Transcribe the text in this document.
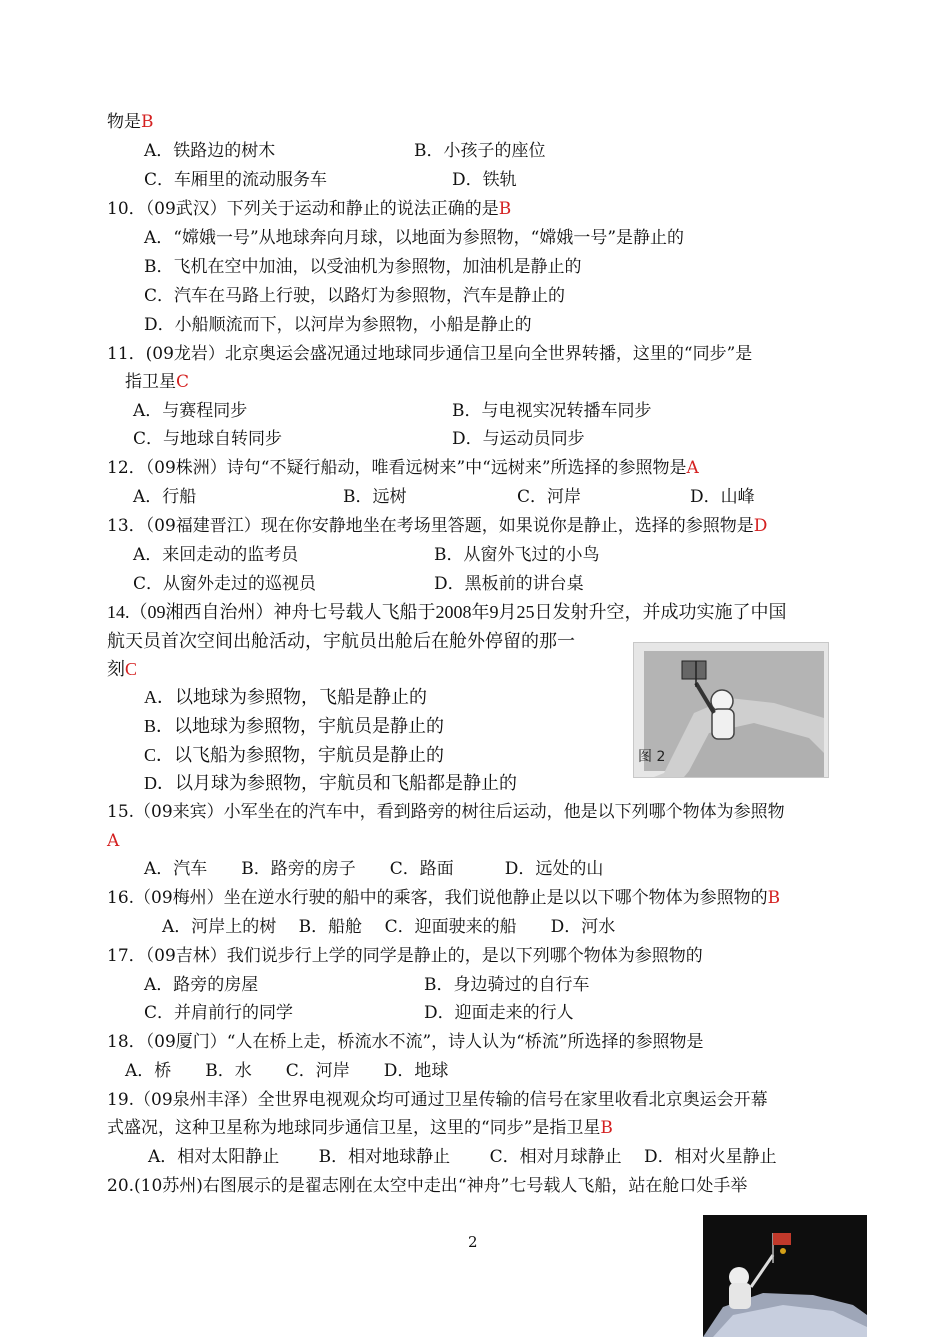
物是B
A．铁路边的树木	B．小孩子的座位
C．车厢里的流动服务车	D．铁轨
10．（09武汉）下列关于运动和静止的说法正确的是B
A．“嫦娥一号”从地球奔向月球，以地面为参照物，“嫦娥一号”是静止的
B．飞机在空中加油，以受油机为参照物，加油机是静止的
C．汽车在马路上行驶，以路灯为参照物，汽车是静止的
D．小船顺流而下，以河岸为参照物，小船是静止的
11．(09龙岩）北京奥运会盛况通过地球同步通信卫星向全世界转播，这里的“同步”是
指卫星C
A．与赛程同步	B．与电视实况转播车同步
C．与地球自转同步	D．与运动员同步
12．（09株洲）诗句“不疑行船动，唯看远树来”中“远树来”所选择的参照物是A
A．行船	B．远树	C．河岸	D．山峰
13．（09福建晋江）现在你安静地坐在考场里答题，如果说你是静止，选择的参照物是D
A．来回走动的监考员	B．从窗外飞过的小鸟
C．从窗外走过的巡视员	D．黑板前的讲台桌
14.（09湘西自治州）神舟七号载人飞船于2008年9月25日发射升空，并成功实施了中国
航天员首次空间出舱活动，宇航员出舱后在舱外停留的那一
刻C
A．以地球为参照物，飞船是静止的
B．以地球为参照物，宇航员是静止的
C．以飞船为参照物，宇航员是静止的
D．以月球为参照物，宇航员和飞船都是静止的
图 2
15.（09来宾）小军坐在的汽车中，看到路旁的树往后运动，他是以下列哪个物体为参照物
A
A．汽车　　B．路旁的房子　　C．路面　　　D．远处的山
16.（09梅州）坐在逆水行驶的船中的乘客，我们说他静止是以以下哪个物体为参照物的B
A．河岸上的树　 B．船舱　 C．迎面驶来的船　　D．河水
17．（09吉林）我们说步行上学的同学是静止的，是以下列哪个物体为参照物的
A．路旁的房屋	B．身边骑过的自行车
C．并肩前行的同学	D．迎面走来的行人
18．（09厦门）“人在桥上走，桥流水不流”，诗人认为“桥流”所选择的参照物是
A．桥　　B．水　　C．河岸　　D．地球
19.（09泉州丰泽）全世界电视观众均可通过卫星传输的信号在家里收看北京奥运会开幕
式盛况，这种卫星称为地球同步通信卫星，这里的“同步”是指卫星B
A．相对太阳静止　　 B．相对地球静止　　 C．相对月球静止　 D．相对火星静止
20.(10苏州)右图展示的是翟志刚在太空中走出“神舟”七号载人飞船，站在舱口处手举
2
